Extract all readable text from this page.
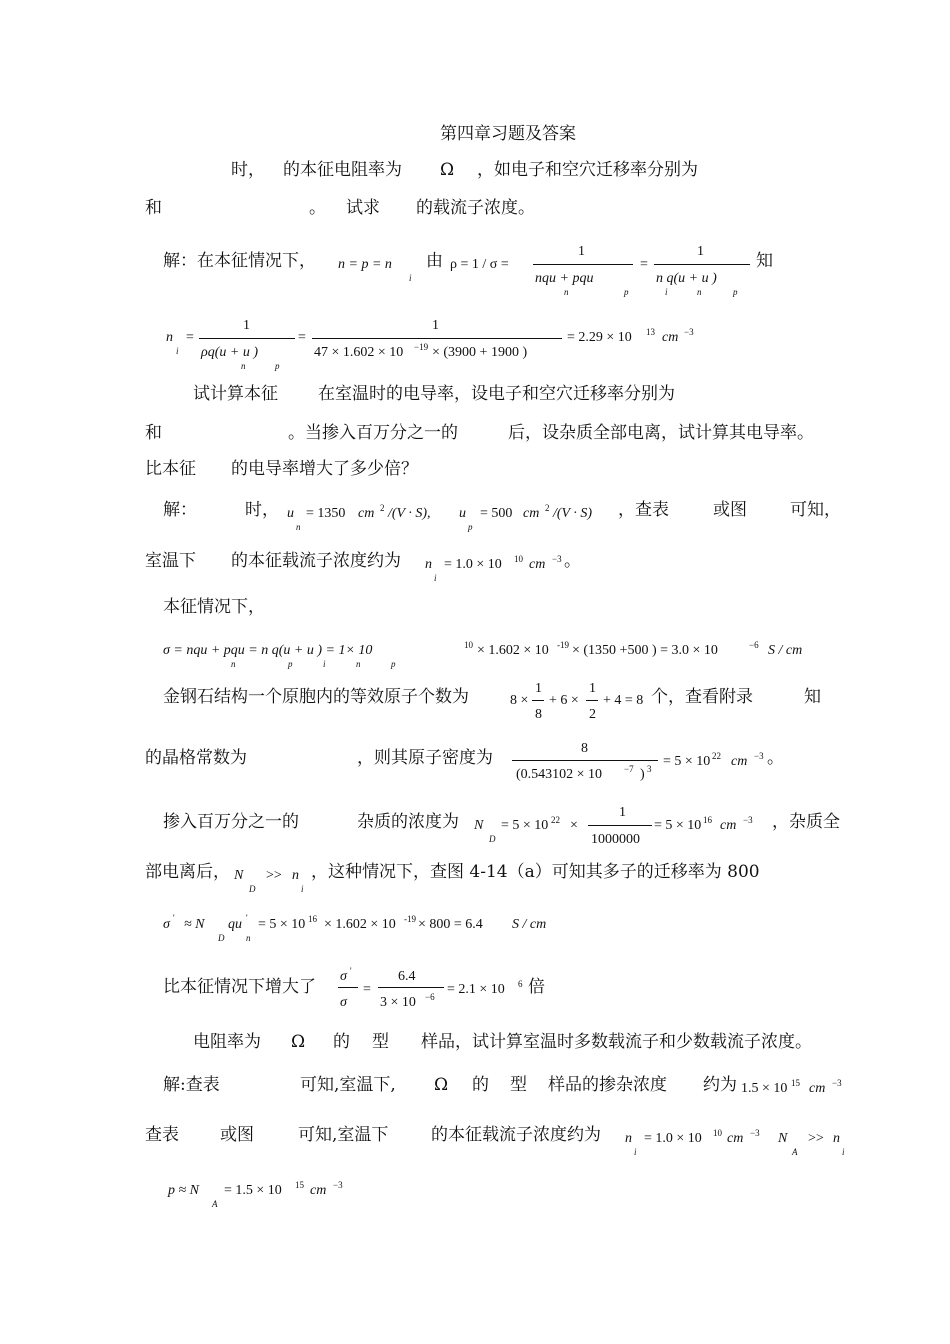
第四章习题及答案
时， 的本征电阻率为 Ω ，如电子和空穴迁移率分别为
和	。 试求 的载流子浓度。
解：在本征情况下， n = p = n
i
由 ρ = 1 / σ =
1
nqu + pqu
n	p
=
1
n q(u + u )
i	n	p
知
n
i
=
1
ρq(u + u )
n	p
=
1
47 × 1.602 × 10 −19 × (3900 + 1900 )
= 2.29 × 10 13 cm −3
试计算本征 在室温时的电导率，设电子和空穴迁移率分别为
和	。当掺入百万分之一的	后，设杂质全部电离，试计算其电导率。
比本征 的电导率增大了多少倍？
解：	时， u
n
= 1350 cm 2 /(V · S), u
p
= 500 cm 2 /(V · S) ，查表	或图	可知，
室温下 的本征载流子浓度约为 n
i
= 1.0 × 10 10 cm −3 。
本征情况下，
σ = nqu + pqu = n q(u + u ) = 1× 10
n	p	i	n	p
10 × 1.602 × 10 -19 × (1350 +500 ) = 3.0 × 10	−6 S / cm
金钢石结构一个原胞内的等效原子个数为	8 ×
1
8
+ 6 ×
1
2
+ 4 = 8 个，查看附录	知
的晶格常数为	，则其原子密度为	8
(0.543102 × 10 −7 ) 3 = 5 × 10 22 cm −3 。
掺入百万分之一的	杂质的浓度为 N
D
= 5 × 10 22 ×
1
1000000
= 5 × 10 16 cm −3 ，杂质全
部电离后， N
D
>> n
i
，这种情况下，查图 4-14（a）可知其多子的迁移率为 800
σ ' ≈ N
D
qu '
n
= 5 × 10 16 × 1.602 × 10 -19 × 800 = 6.4 S / cm
比本征情况下增大了
σ '
σ
=
6.4
3 × 10 −6 = 2.1 × 10 6 倍
电阻率为 Ω 的 型 样品，试计算室温时多数载流子和少数载流子浓度。
解:查表	可知,室温下, Ω 的 型 样品的掺杂浓度 约为 1.5 × 10 15 cm −3
查表 或图	可知,室温下	的本征载流子浓度约为 n
i
= 1.0 × 10 10 cm −3 N
A
>> n
i
p ≈ N
A
= 1.5 × 10 15 cm −3
